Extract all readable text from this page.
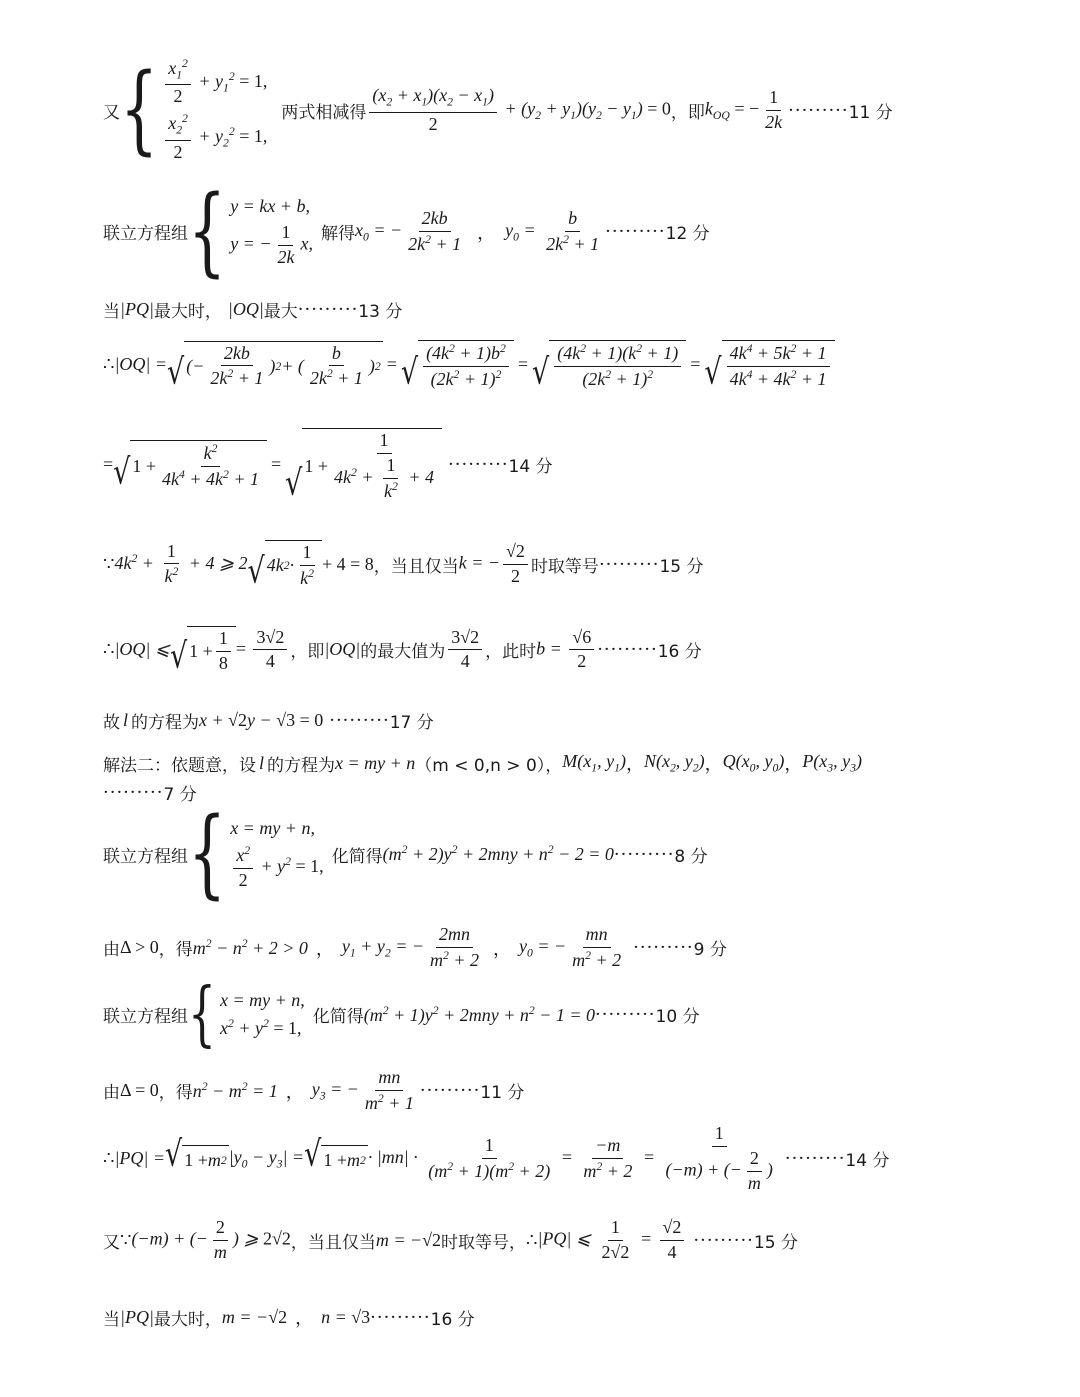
又 { $\frac{x_1^2}{2} + y_1^2 = 1$,
$\frac{x_2^2}{2} + y_2^2 = 1$,
两式相减得 $\frac{(x_2 + x_1)(x_2 - x_1)}{2} + (y_2 + y_1)(y_2 - y_1) = 0$ ，即 $k_{OQ}$ = − $\frac{1}{2k}$ ········· 11 分
联立方程组 { y = kx + b,
y = − $\frac{1}{2k} x$, 解得 $x_0$ = − $\frac{2kb}{2k^2 + 1}$ ， $y_0 = \frac{b}{2k^2 + 1}$ ········· 12 分
当 |PQ| 最大时， |OQ| 最大 ········· 13 分
∴ |OQ| = √ (− $\frac{2kb}{2k^2 + 1}$ ) 2 + ( $\frac{b}{2k^2 + 1}$ ) 2 = √ $\frac{(4k^2 + 1)b^2}{(2k^2 + 1)^2}$ = √ $\frac{(4k^2 + 1)(k^2 + 1)}{(2k^2 + 1)^2}$ = √ $\frac{4k^4 + 5k^2 + 1}{4k^4 + 4k^2 + 1}$
= √ $1 + \frac{k^2}{4k^4 + 4k^2 + 1}$ = √ $1 + \frac{1}{4k^2 + \frac{1}{k^2} + 4}$ ········· 14 分
∵ $4k^2 + \frac{1}{k^2} + 4$ ⩾ 2 √ 4k $2 \cdot \frac{1}{k^2} + 4 = 8$ ，当且仅当 k = − $\frac{√2}{2}$ 时取等号 ········· 15 分
∴ |OQ| ⩽ √ $1 + \frac{1}{8} = \frac{3√2}{4}$ ，即 |OQ| 的最大值为 $\frac{3√2}{4}$ ，此时 $b = \frac{√6}{2}$ ········· 16 分
故 l 的方程为 x + √2y − √3 = 0 ········· 17 分
解法二：依题意，设 l 的方程为 x = my + n （m < 0,n > 0）， $M(x_1$, $y_1$) ， $N(x_2$, $y_2$) ， $Q(x_0$, $y_0$) ， $P(x_3$, $y_3$)
········· 7 分
联立方程组 { x = my + n,
$\frac{x^2}{2} + y^2 = 1$, 化简得 $(m^2 + 2)y^2 + 2mny + n^2 - 2 = 0$ ········· 8 分
由 Δ > 0 ，得 $m^2 - n^2 + 2 > 0$ ， $y_1 + y_2$ = − $\frac{2mn}{m^2 + 2}$ ， $y_0$ = − $\frac{mn}{m^2 + 2}$ ········· 9 分
联立方程组 { x = my + n,
$x^2 + y^2 = 1$,
化简得 $(m^2 + 1)y^2 + 2mny + n^2 - 1 = 0$ ········· 10 分
由 Δ = 0 ，得 $n^2 - m^2 = 1$ ， $y_3$ = − $\frac{mn}{m^2 + 1}$ ········· 11 分
∴ |PQ| = √ 1 + m 2 $|y_0 - y_3|$ = √ 1 + m $2 \cdot |mn| \cdot \frac{1}{(m^2 + 1)(m^2 + 2)} = \frac{-m}{m^2 + 2} = \frac{1}{(-m) + (- \frac{2}{m} )}$ ········· 14 分
又 ∵ (−m) + (− $\frac{2}{m}$ ) ⩾ 2√2 ，当且仅当 m = −√2 时取等号， ∴ |PQ| ⩽ $\frac{1}{2√2} = \frac{√2}{4}$ ········· 15 分
当 |PQ| 最大时， m = −√2 ， n = √3 ········· 16 分
